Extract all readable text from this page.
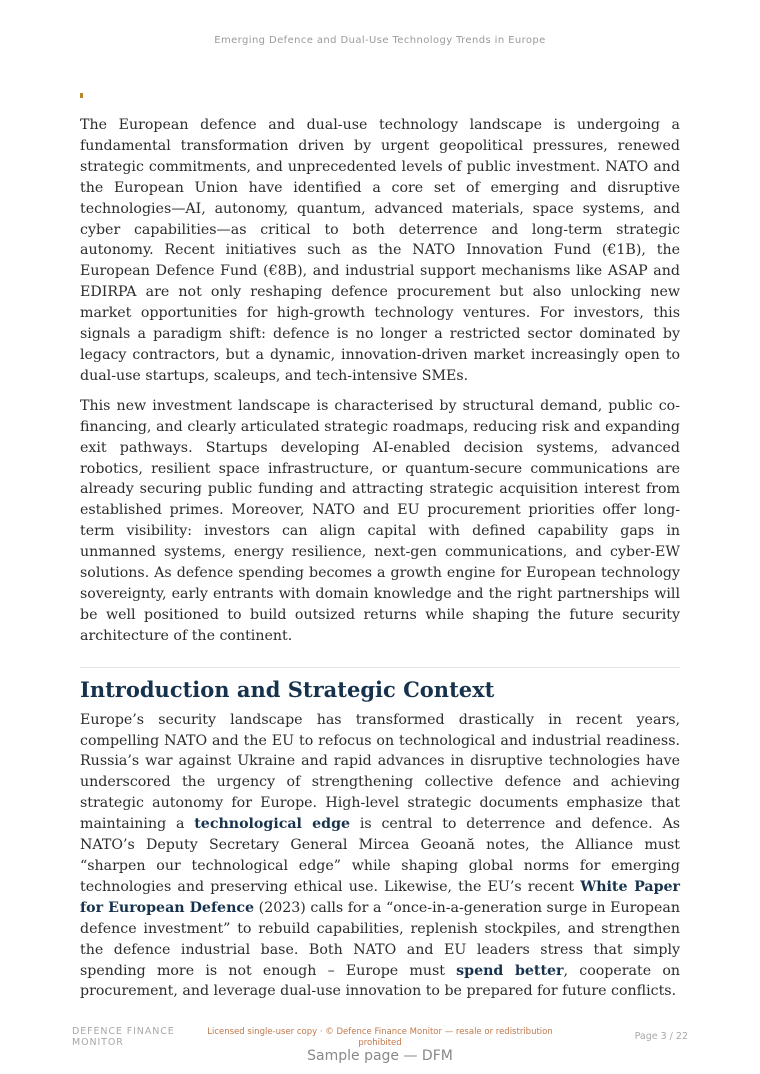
Emerging Defence and Dual-Use Technology Trends in Europe

The European defence and dual-use technology landscape is undergoing a fundamental transformation driven by urgent geopolitical pressures, renewed strategic commitments, and unprecedented levels of public investment. NATO and the European Union have identified a core set of emerging and disruptive technologies—AI, autonomy, quantum, advanced materials, space systems, and cyber capabilities—as critical to both deterrence and long-term strategic autonomy. Recent initiatives such as the NATO Innovation Fund (€1B), the European Defence Fund (€8B), and industrial support mechanisms like ASAP and EDIRPA are not only reshaping defence procurement but also unlocking new market opportunities for high-growth technology ventures. For investors, this signals a paradigm shift: defence is no longer a restricted sector dominated by legacy contractors, but a dynamic, innovation-driven market increasingly open to dual-use startups, scaleups, and tech-intensive SMEs.

This new investment landscape is characterised by structural demand, public co-financing, and clearly articulated strategic roadmaps, reducing risk and expanding exit pathways. Startups developing AI-enabled decision systems, advanced robotics, resilient space infrastructure, or quantum-secure communications are already securing public funding and attracting strategic acquisition interest from established primes. Moreover, NATO and EU procurement priorities offer long-term visibility: investors can align capital with defined capability gaps in unmanned systems, energy resilience, next-gen communications, and cyber-EW solutions. As defence spending becomes a growth engine for European technology sovereignty, early entrants with domain knowledge and the right partnerships will be well positioned to build outsized returns while shaping the future security architecture of the continent.

Introduction and Strategic Context

Europe’s security landscape has transformed drastically in recent years, compelling NATO and the EU to refocus on technological and industrial readiness. Russia’s war against Ukraine and rapid advances in disruptive technologies have underscored the urgency of strengthening collective defence and achieving strategic autonomy for Europe. High-level strategic documents emphasize that maintaining a technological edge is central to deterrence and defence. As NATO’s Deputy Secretary General Mircea Geoană notes, the Alliance must “sharpen our technological edge” while shaping global norms for emerging technologies and preserving ethical use. Likewise, the EU’s recent White Paper for European Defence (2023) calls for a “once-in-a-generation surge in European defence investment” to rebuild capabilities, replenish stockpiles, and strengthen the defence industrial base. Both NATO and EU leaders stress that simply spending more is not enough – Europe must spend better, cooperate on procurement, and leverage dual-use innovation to be prepared for future conflicts.

DEFENCE FINANCE
MONITOR
Licensed single-user copy · © Defence Finance Monitor — resale or redistribution
prohibited
Page 3 / 22
Sample page — DFM
